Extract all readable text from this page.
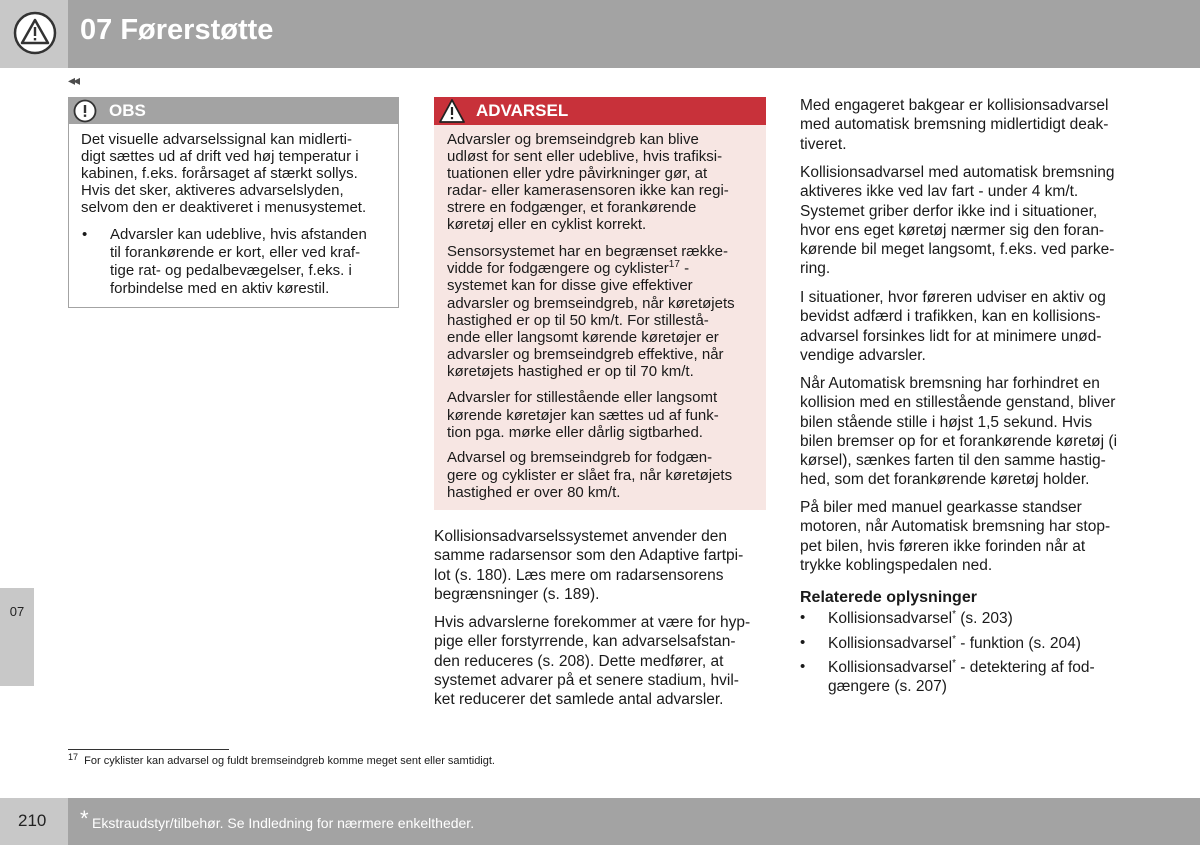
07 Førerstøtte
◂◂
07
OBS

Det visuelle advarselssignal kan midlerti-

digt sættes ud af drift ved høj temperatur i

kabinen, f.eks. forårsaget af stærkt sollys.

Hvis det sker, aktiveres advarselslyden,

selvom den er deaktiveret i menusystemet.

• Advarsler kan udeblive, hvis afstanden

til forankørende er kort, eller ved kraf-

tige rat- og pedalbevægelser, f.eks. i

forbindelse med en aktiv kørestil.

ADVARSEL

Advarsler og bremseindgreb kan blive

udløst for sent eller udeblive, hvis trafiksi-

tuationen eller ydre påvirkninger gør, at

radar- eller kamerasensoren ikke kan regi-

strere en fodgænger, et forankørende

køretøj eller en cyklist korrekt.

Sensorsystemet har en begrænset række-

vidde for fodgængere og cyklister$^{17}$ -

systemet kan for disse give effektiver

advarsler og bremseindgreb, når køretøjets

hastighed er op til 50 km/t. For stillestå-

ende eller langsomt kørende køretøjer er

advarsler og bremseindgreb effektive, når

køretøjets hastighed er op til 70 km/t.

Advarsler for stillestående eller langsomt

kørende køretøjer kan sættes ud af funk-

tion pga. mørke eller dårlig sigtbarhed.

Advarsel og bremseindgreb for fodgæn-

gere og cyklister er slået fra, når køretøjets

hastighed er over 80 km/t.

Kollisionsadvarselssystemet anvender den

samme radarsensor som den Adaptive fartpi-

lot (s. 180). Læs mere om radarsensorens

begrænsninger (s. 189).

Hvis advarslerne forekommer at være for hyp-

pige eller forstyrrende, kan advarselsafstan-

den reduceres (s. 208). Dette medfører, at

systemet advarer på et senere stadium, hvil-

ket reducerer det samlede antal advarsler.

Med engageret bakgear er kollisionsadvarsel

med automatisk bremsning midlertidigt deak-

tiveret.

Kollisionsadvarsel med automatisk bremsning

aktiveres ikke ved lav fart - under 4 km/t.

Systemet griber derfor ikke ind i situationer,

hvor ens eget køretøj nærmer sig den foran-

kørende bil meget langsomt, f.eks. ved parke-

ring.

I situationer, hvor føreren udviser en aktiv og

bevidst adfærd i trafikken, kan en kollisions-

advarsel forsinkes lidt for at minimere unød-

vendige advarsler.

Når Automatisk bremsning har forhindret en

kollision med en stillestående genstand, bliver

bilen stående stille i højst 1,5 sekund. Hvis

bilen bremser op for et forankørende køretøj (i

kørsel), sænkes farten til den samme hastig-

hed, som det forankørende køretøj holder.

På biler med manuel gearkasse standser

motoren, når Automatisk bremsning har stop-

pet bilen, hvis føreren ikke forinden når at

trykke koblingspedalen ned.

Relaterede oplysninger
• Kollisionsadvarsel* (s. 203)

• Kollisionsadvarsel* - funktion (s. 204)

• Kollisionsadvarsel* - detektering af fod-

gængere (s. 207)

$^{17}$ For cyklister kan advarsel og fuldt bremseindgreb komme meget sent eller samtidigt.
210 * Ekstraudstyr/tilbehør. Se Indledning for nærmere enkeltheder.
